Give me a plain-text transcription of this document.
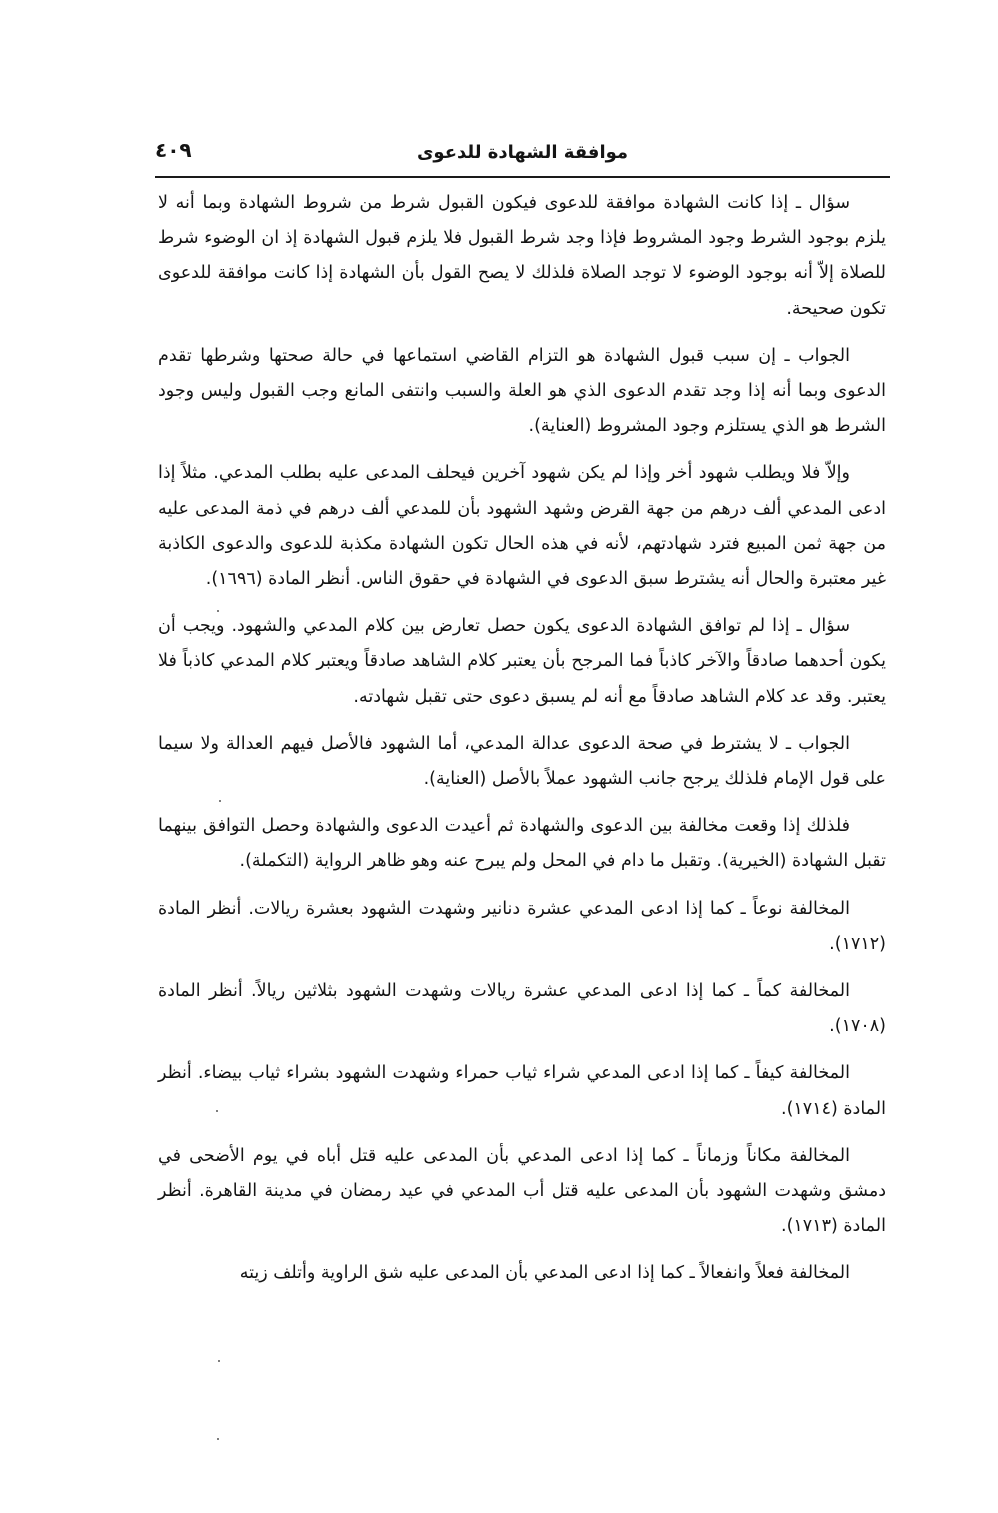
٤٠٩	موافقة الشهادة للدعوى

سؤال ـ إذا كانت الشهادة موافقة للدعوى فيكون القبول شرط من شروط الشهادة وبما أنه لا يلزم بوجود الشرط وجود المشروط فإذا وجد شرط القبول فلا يلزم قبول الشهادة إذ ان الوضوء شرط للصلاة إلاّ أنه بوجود الوضوء لا توجد الصلاة فلذلك لا يصح القول بأن الشهادة إذا كانت موافقة للدعوى تكون صحيحة.

الجواب ـ إن سبب قبول الشهادة هو التزام القاضي استماعها في حالة صحتها وشرطها تقدم الدعوى وبما أنه إذا وجد تقدم الدعوى الذي هو العلة والسبب وانتفى المانع وجب القبول وليس وجود الشرط هو الذي يستلزم وجود المشروط (العناية).

وإلاّ فلا ويطلب شهود أخر وإذا لم يكن شهود آخرين فيحلف المدعى عليه بطلب المدعي. مثلاً إذا ادعى المدعي ألف درهم من جهة القرض وشهد الشهود بأن للمدعي ألف درهم في ذمة المدعى عليه من جهة ثمن المبيع فترد شهادتهم، لأنه في هذه الحال تكون الشهادة مكذبة للدعوى والدعوى الكاذبة غير معتبرة والحال أنه يشترط سبق الدعوى في الشهادة في حقوق الناس. أنظر المادة (١٦٩٦).

سؤال ـ إذا لم توافق الشهادة الدعوى يكون حصل تعارض بين كلام المدعي والشهود. ويجب أن يكون أحدهما صادقاً والآخر كاذباً فما المرجح بأن يعتبر كلام الشاهد صادقاً ويعتبر كلام المدعي كاذباً فلا يعتبر. وقد عد كلام الشاهد صادقاً مع أنه لم يسبق دعوى حتى تقبل شهادته.

الجواب ـ لا يشترط في صحة الدعوى عدالة المدعي، أما الشهود فالأصل فيهم العدالة ولا سيما على قول الإمام فلذلك يرجح جانب الشهود عملاً بالأصل (العناية).

فلذلك إذا وقعت مخالفة بين الدعوى والشهادة ثم أعيدت الدعوى والشهادة وحصل التوافق بينهما تقبل الشهادة (الخيرية). وتقبل ما دام في المحل ولم يبرح عنه وهو ظاهر الرواية (التكملة).

المخالفة نوعاً ـ كما إذا ادعى المدعي عشرة دنانير وشهدت الشهود بعشرة ريالات. أنظر المادة (١٧١٢).

المخالفة كماً ـ كما إذا ادعى المدعي عشرة ريالات وشهدت الشهود بثلاثين ريالاً. أنظر المادة (١٧٠٨).

المخالفة كيفاً ـ كما إذا ادعى المدعي شراء ثياب حمراء وشهدت الشهود بشراء ثياب بيضاء. أنظر المادة (١٧١٤).

المخالفة مكاناً وزماناً ـ كما إذا ادعى المدعي بأن المدعى عليه قتل أباه في يوم الأضحى في دمشق وشهدت الشهود بأن المدعى عليه قتل أب المدعي في عيد رمضان في مدينة القاهرة. أنظر المادة (١٧١٣).

المخالفة فعلاً وانفعالاً ـ كما إذا ادعى المدعي بأن المدعى عليه شق الراوية وأتلف زيته
